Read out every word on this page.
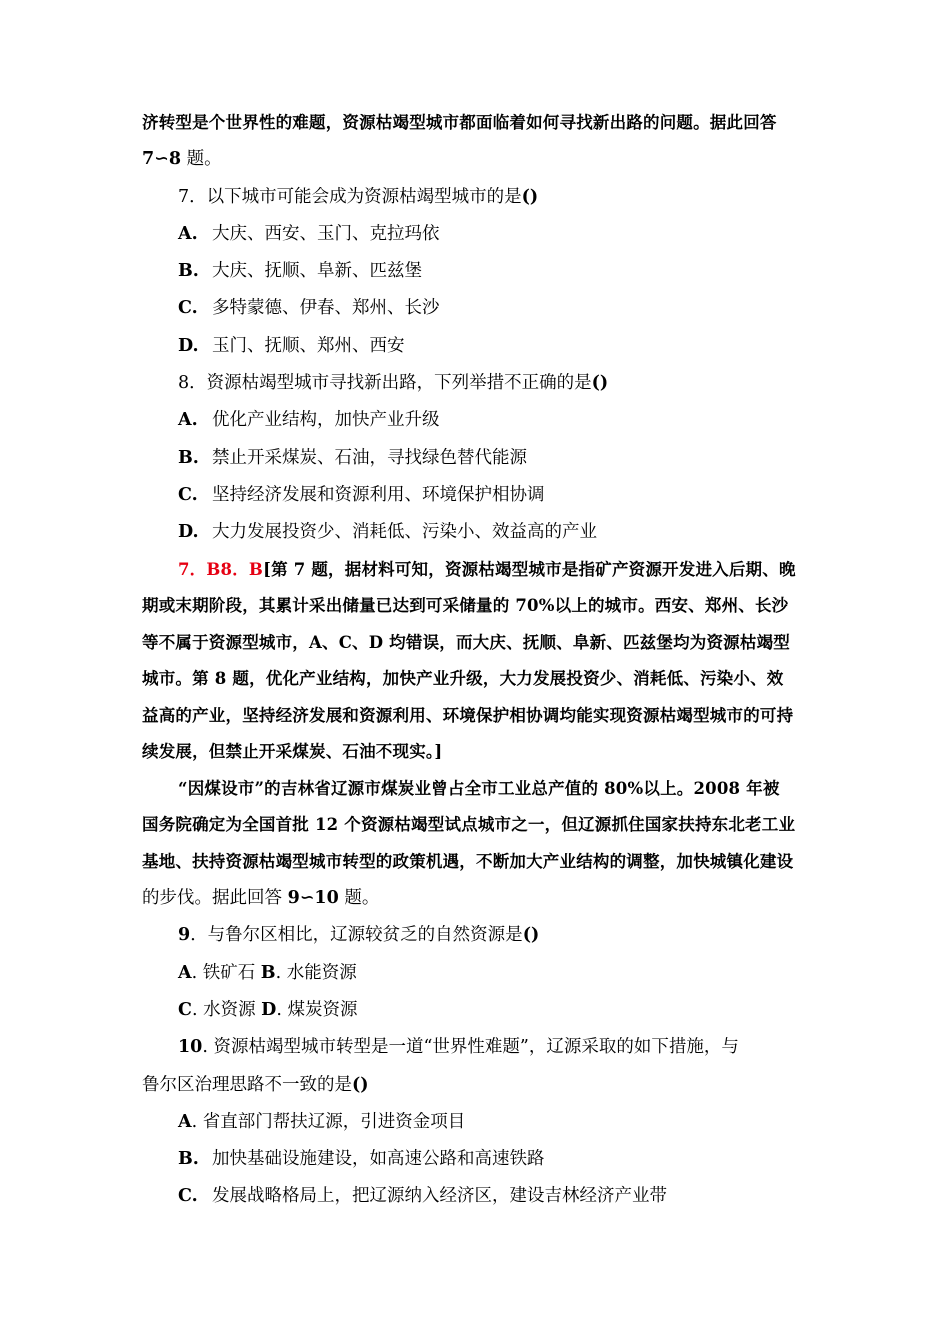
济转型是个世界性的难题，资源枯竭型城市都面临着如何寻找新出路的问题。据此回答
7∽8 题。
7．以下城市可能会成为资源枯竭型城市的是()
A. 大庆、西安、玉门、克拉玛依
B. 大庆、抚顺、阜新、匹兹堡
C. 多特蒙德、伊春、郑州、长沙
D. 玉门、抚顺、郑州、西安
8．资源枯竭型城市寻找新出路，下列举措不正确的是()
A. 优化产业结构，加快产业升级
B. 禁止开采煤炭、石油，寻找绿色替代能源
C. 坚持经济发展和资源利用、环境保护相协调
D. 大力发展投资少、消耗低、污染小、效益高的产业
7．B8．B[第 7 题，据材料可知，资源枯竭型城市是指矿产资源开发进入后期、晚
期或末期阶段，其累计采出储量已达到可采储量的 70%以上的城市。西安、郑州、长沙
等不属于资源型城市，A、C、D 均错误，而大庆、抚顺、阜新、匹兹堡均为资源枯竭型
城市。第 8 题，优化产业结构，加快产业升级，大力发展投资少、消耗低、污染小、效
益高的产业，坚持经济发展和资源利用、环境保护相协调均能实现资源枯竭型城市的可持
续发展，但禁止开采煤炭、石油不现实。]
“因煤设市”的吉林省辽源市煤炭业曾占全市工业总产值的 80%以上。2008 年被
国务院确定为全国首批 12 个资源枯竭型试点城市之一，但辽源抓住国家扶持东北老工业
基地、扶持资源枯竭型城市转型的政策机遇，不断加大产业结构的调整，加快城镇化建设
的步伐。据此回答 9∽10 题。
9．与鲁尔区相比，辽源较贫乏的自然资源是()
A. 铁矿石 B. 水能资源
C. 水资源 D. 煤炭资源
10. 资源枯竭型城市转型是一道“世界性难题”，辽源采取的如下措施，与
鲁尔区治理思路不一致的是()
A. 省直部门帮扶辽源，引进资金项目
B. 加快基础设施建设，如高速公路和高速铁路
C. 发展战略格局上，把辽源纳入经济区，建设吉林经济产业带
